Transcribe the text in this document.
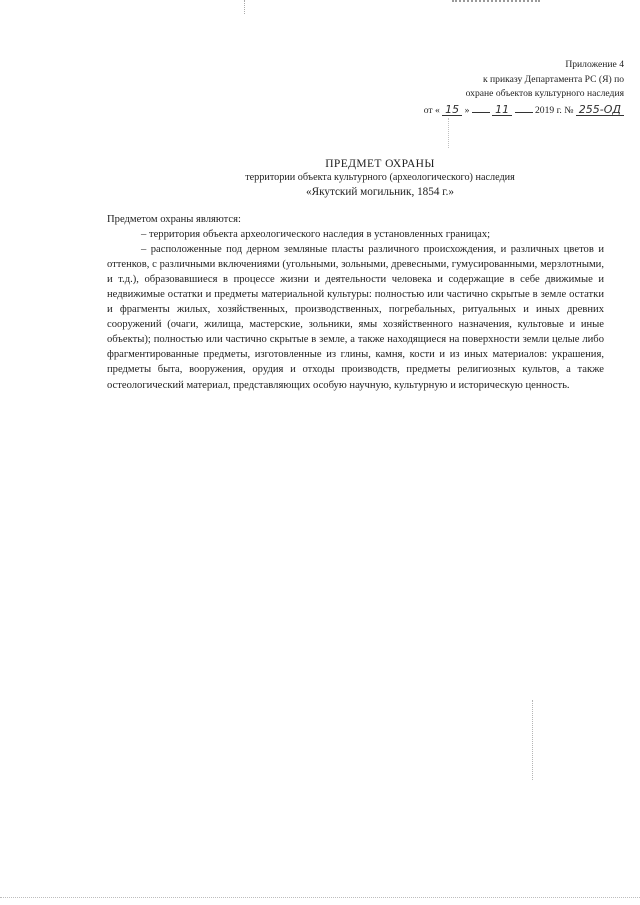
Приложение 4
к приказу Департамента РС (Я) по
охране объектов культурного наследия
от « 15 » 11	2019 г. № 255-ОД
ПРЕДМЕТ ОХРАНЫ
территории объекта культурного (археологического) наследия
«Якутский могильник, 1854 г.»

Предметом охраны являются:

– территория объекта археологического наследия в установленных границах;

– расположенные под дерном земляные пласты различного происхождения, и различных цветов и оттенков, с различными включениями (угольными, зольными, древесными, гумусированными, мерзлотными, и т.д.), образовавшиеся в процессе жизни и деятельности человека и содержащие в себе движимые и недвижимые остатки и предметы материальной культуры: полностью или частично скрытые в земле остатки и фрагменты жилых, хозяйственных, производственных, погребальных, ритуальных и иных древних сооружений (очаги, жилища, мастерские, зольники, ямы хозяйственного назначения, культовые и иные объекты); полностью или частично скрытые в земле, а также находящиеся на поверхности земли целые либо фрагментированные предметы, изготовленные из глины, камня, кости и из иных материалов: украшения, предметы быта, вооружения, орудия и отходы производств, предметы религиозных культов, а также остеологический материал, представляющих особую научную, культурную и историческую ценность.
